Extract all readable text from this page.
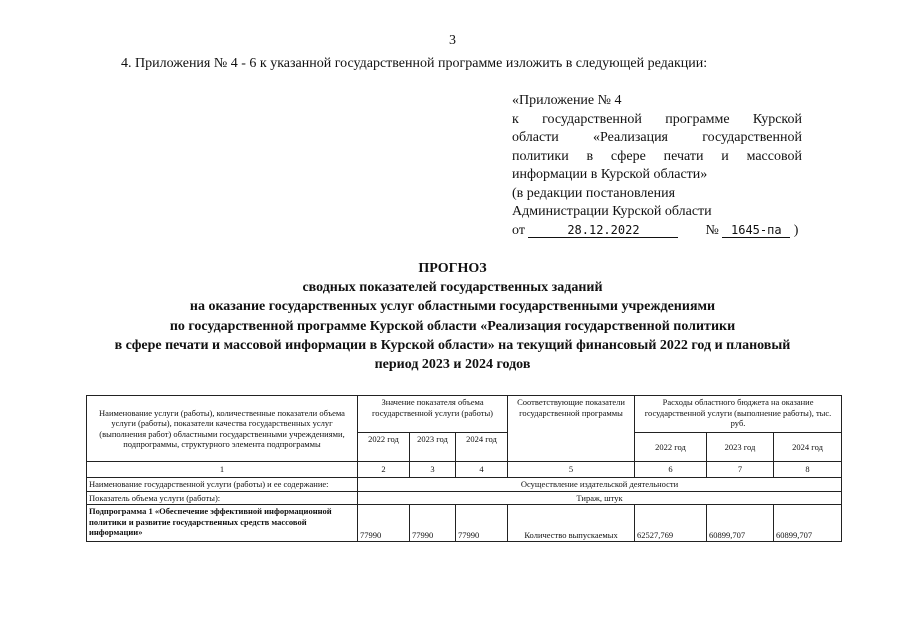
3
4. Приложения № 4 - 6 к указанной государственной программе изложить в следующей редакции:
«Приложение № 4
к государственной программе Курской
области «Реализация государственной
политики в сфере печати и массовой
информации в Курской области»
(в редакции постановления
Администрации Курской области
от	28.12.2022	№ 1645-па )
ПРОГНОЗ
сводных показателей государственных заданий
на оказание государственных услуг областными государственными учреждениями
по государственной программе Курской области «Реализация государственной политики
в сфере печати и массовой информации в Курской области» на текущий финансовый 2022 год и плановый
период 2023 и 2024 годов
Наименование услуги (работы), количественные показатели объема услуги (работы), показатели качества государственных услуг (выполнения работ) областными государственными учреждениями, подпрограммы, структурного элемента подпрограммы	Значение показателя объема государственной услуги (работы)			Соответствующие показатели государственной программы	Расходы областного бюджета на оказание государственной услуги (выполнение работы), тыс. руб.		
	2022 год	2023 год	2024 год		2022 год	2023 год	2024 год
1	2	3	4	5	6	7	8
Наименование государственной услуги (работы) и ее содержание:	Осуществление издательской деятельности						
Показатель объема услуги (работы):	Тираж, штук						
Подпрограмма 1 «Обеспечение эффективной информационной политики и развитие государственных средств массовой информации»	77990	77990	77990	Количество выпускаемых	62527,769	60899,707	60899,707
